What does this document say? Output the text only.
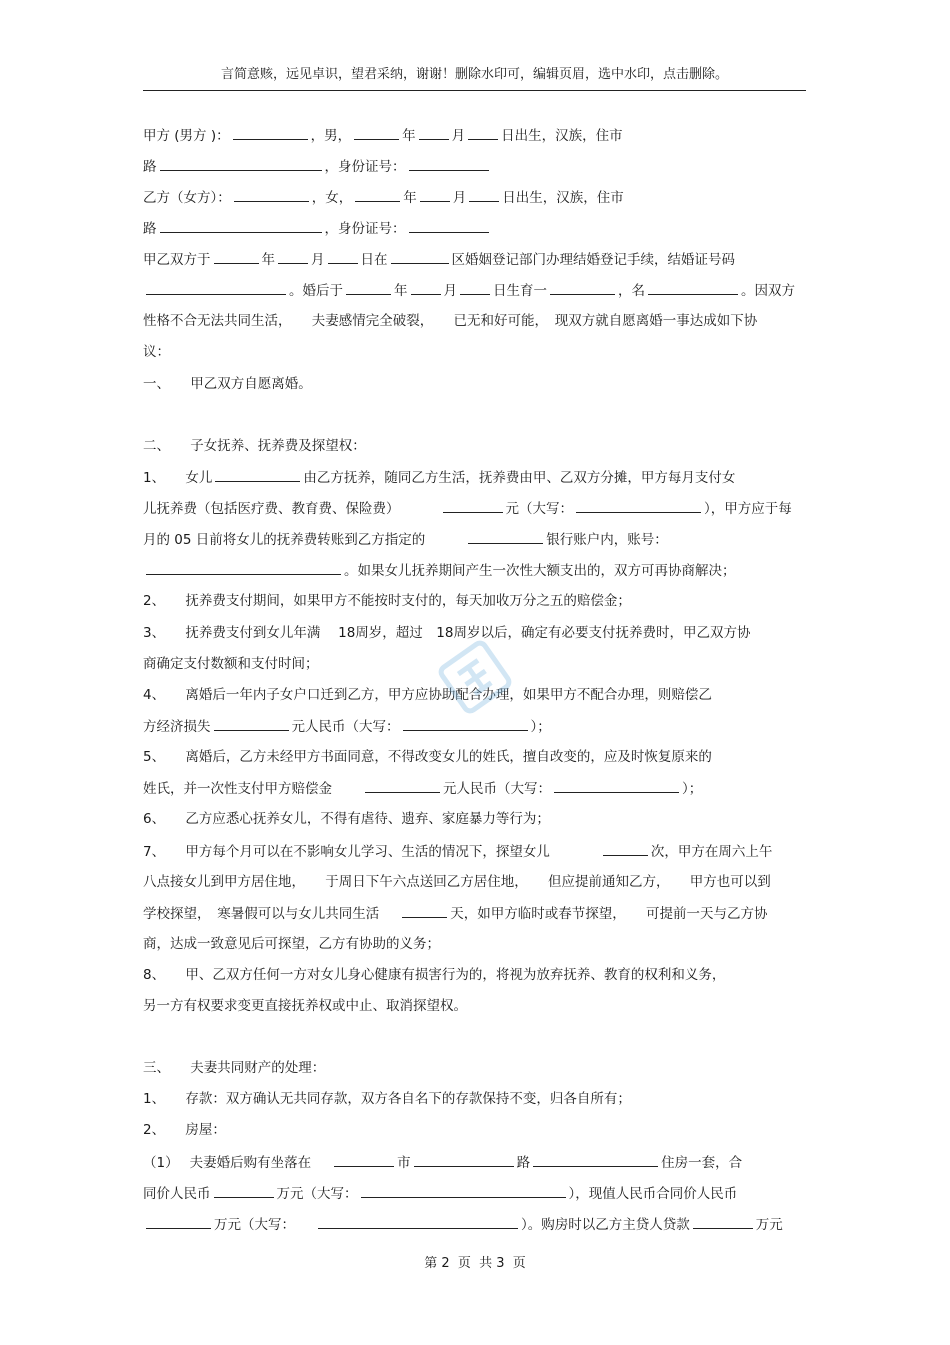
言简意赅，远见卓识，望君采纳，谢谢！删除水印可，编辑页眉，选中水印，点击删除。
甲方 (男方 )：	，男，	年	月	日出生，汉族，住市
路	，身份证号：
乙方（女方）：	，女，	年	月	日出生，汉族，住市
路	，身份证号：
甲乙双方于	年	月	日在	区婚姻登记部门办理结婚登记手续，结婚证号码
。婚后于	年	月	日生育一	，名	。因双方
性格不合无法共同生活，　　夫妻感情完全破裂，　　已无和好可能，　现双方就自愿离婚一事达成如下协
议：
一、　　甲乙双方自愿离婚。
二、　　子女抚养、抚养费及探望权：
1、　　女儿	由乙方抚养，随同乙方生活，抚养费由甲、乙双方分摊，甲方每月支付女
儿抚养费（包括医疗费、教育费、保险费）	元（大写：	），甲方应于每
月的 05 日前将女儿的抚养费转账到乙方指定的	银行账户内，账号：
。如果女儿抚养期间产生一次性大额支出的，双方可再协商解决；
2、　　抚养费支付期间，如果甲方不能按时支付的，每天加收万分之五的赔偿金；
3、　　抚养费支付到女儿年满　 18周岁，超过　18周岁以后，确定有必要支付抚养费时，甲乙双方协
商确定支付数额和支付时间；
4、　　离婚后一年内子女户口迁到乙方，甲方应协助配合办理，如果甲方不配合办理，则赔偿乙
方经济损失	元人民币（大写：	）；
5、　　离婚后，乙方未经甲方书面同意，不得改变女儿的姓氏，擅自改变的，应及时恢复原来的
姓氏，并一次性支付甲方赔偿金	元人民币（大写：	）；
6、　　乙方应悉心抚养女儿，不得有虐待、遗弃、家庭暴力等行为；
7、　　甲方每个月可以在不影响女儿学习、生活的情况下，探望女儿	次，甲方在周六上午
八点接女儿到甲方居住地，　　于周日下午六点送回乙方居住地，　　但应提前通知乙方，　　甲方也可以到
学校探望，　寒暑假可以与女儿共同生活	天，如甲方临时或春节探望，　　可提前一天与乙方协
商，达成一致意见后可探望，乙方有协助的义务；
8、　　甲、乙双方任何一方对女儿身心健康有损害行为的，将视为放弃抚养、教育的权利和义务，
另一方有权要求变更直接抚养权或中止、取消探望权。
三、　　夫妻共同财产的处理：
1、　　存款：双方确认无共同存款，双方各自名下的存款保持不变，归各自所有；
2、　　房屋：
（1）　 夫妻婚后购有坐落在	市	路	住房一套，合
同价人民币	万元（大写：	），现值人民币合同价人民币
万元（大写：	）。购房时以乙方主贷人贷款	万元
第 2  页  共 3  页
